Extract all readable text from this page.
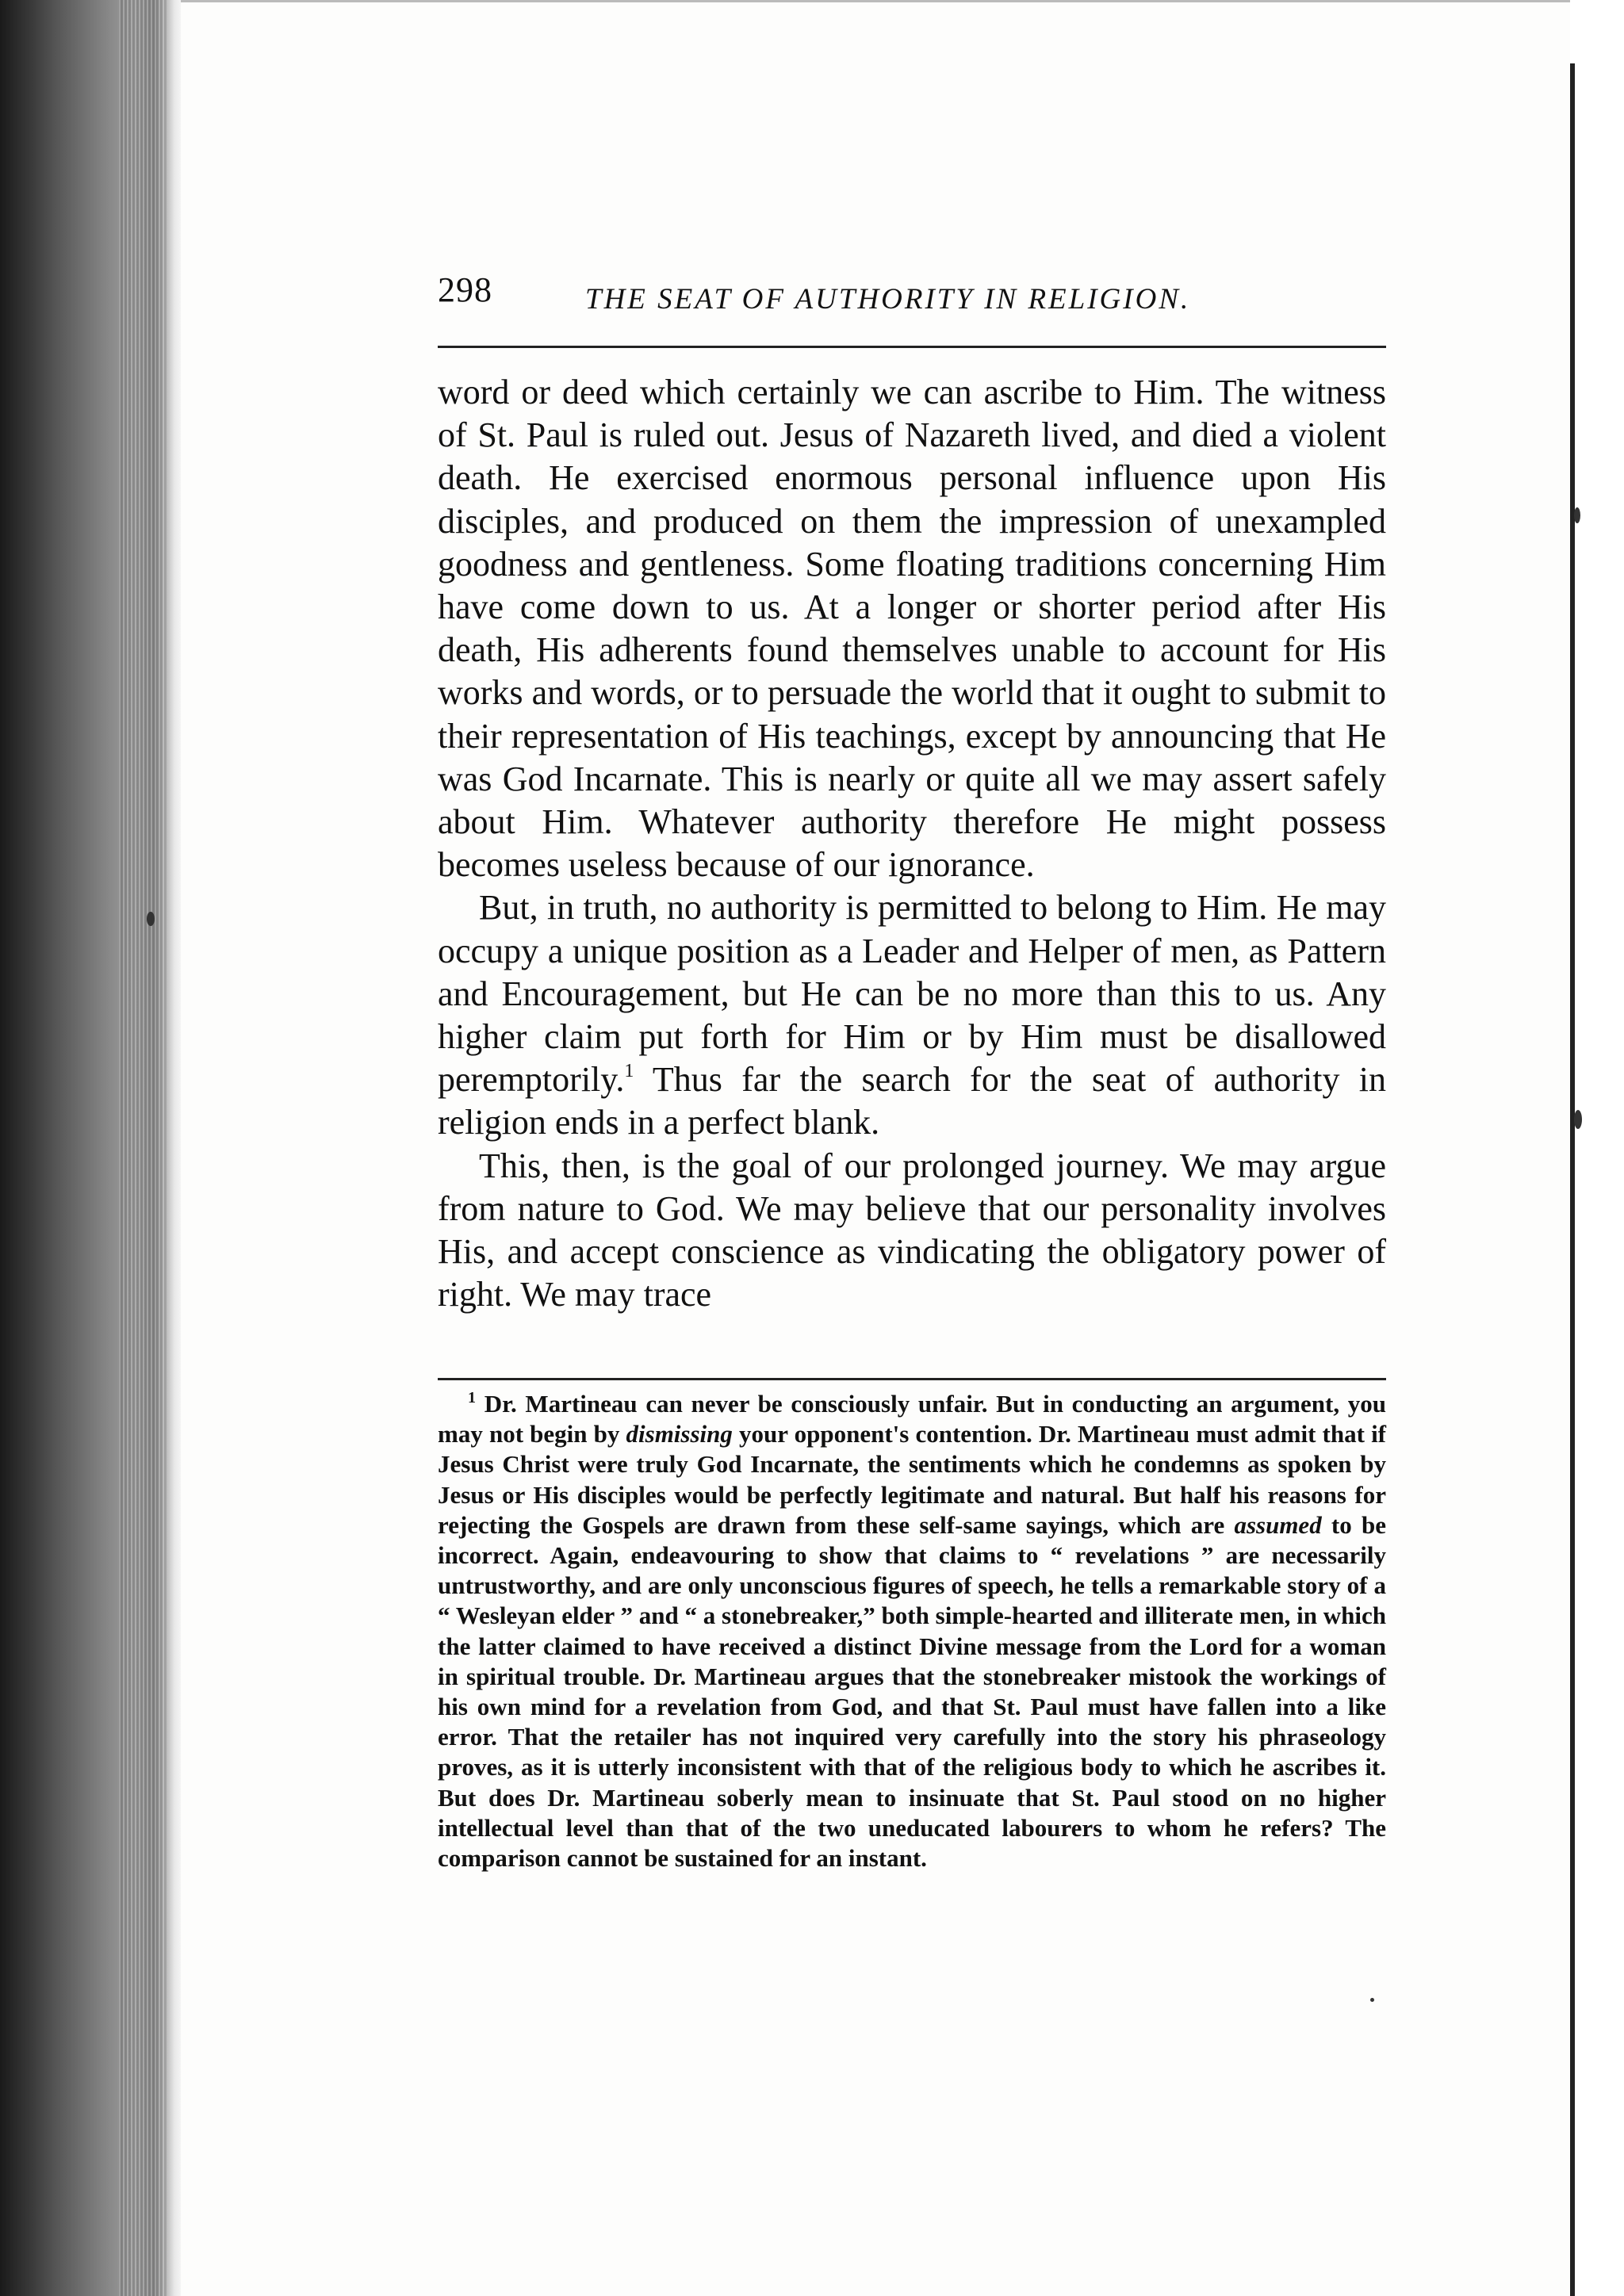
298	THE SEAT OF AUTHORITY IN RELIGION.

word or deed which certainly we can ascribe to Him. The witness of St. Paul is ruled out. Jesus of Nazareth lived, and died a violent death. He exercised enormous personal influence upon His disciples, and produced on them the impression of unexampled goodness and gentleness. Some floating traditions concerning Him have come down to us. At a longer or shorter period after His death, His adherents found themselves unable to account for His works and words, or to persuade the world that it ought to submit to their representation of His teachings, except by announcing that He was God Incarnate. This is nearly or quite all we may assert safely about Him. Whatever authority therefore He might possess becomes useless because of our ignorance.

But, in truth, no authority is permitted to belong to Him. He may occupy a unique position as a Leader and Helper of men, as Pattern and Encouragement, but He can be no more than this to us. Any higher claim put forth for Him or by Him must be disallowed peremptorily.$^1$ Thus far the search for the seat of authority in religion ends in a perfect blank.

This, then, is the goal of our prolonged journey. We may argue from nature to God. We may believe that our personality involves His, and accept conscience as vindicating the obligatory power of right. We may trace

$^1$ Dr. Martineau can never be consciously unfair. But in conducting an argument, you may not begin by dismissing your opponent's contention. Dr. Martineau must admit that if Jesus Christ were truly God Incarnate, the sentiments which he condemns as spoken by Jesus or His disciples would be perfectly legitimate and natural. But half his reasons for rejecting the Gospels are drawn from these self-same sayings, which are assumed to be incorrect. Again, endeavouring to show that claims to “ revelations ” are necessarily untrustworthy, and are only unconscious figures of speech, he tells a remarkable story of a “ Wesleyan elder ” and “ a stonebreaker,” both simple-hearted and illiterate men, in which the latter claimed to have received a distinct Divine message from the Lord for a woman in spiritual trouble. Dr. Martineau argues that the stonebreaker mistook the workings of his own mind for a revelation from God, and that St. Paul must have fallen into a like error. That the retailer has not inquired very carefully into the story his phraseology proves, as it is utterly inconsistent with that of the religious body to which he ascribes it. But does Dr. Martineau soberly mean to insinuate that St. Paul stood on no higher intellectual level than that of the two uneducated labourers to whom he refers? The comparison cannot be sustained for an instant.
